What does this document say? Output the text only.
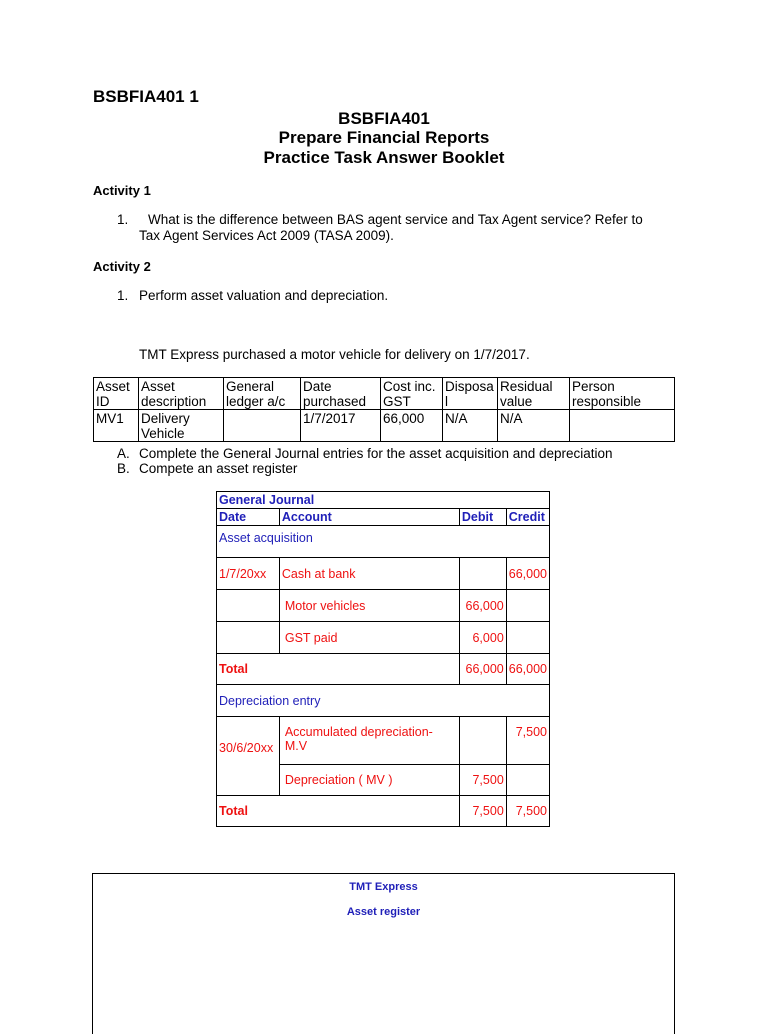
BSBFIA401 1
BSBFIA401
Prepare Financial Reports
Practice Task Answer Booklet
Activity 1
1.	What is the difference between BAS agent service and Tax Agent service? Refer to
Tax Agent Services Act 2009 (TASA 2009).
Activity 2
1. Perform asset valuation and depreciation.
TMT Express purchased a motor vehicle for delivery on 1/7/2017.
Asset ID	Asset description	General ledger a/c	Date purchased	Cost inc. GST	Disposal	Residual value	Person responsible
MV1	Delivery Vehicle		1/7/2017	66,000	N/A	N/A	
A. Complete the General Journal entries for the asset acquisition and depreciation
B. Compete an asset register
General Journal			
Date	Account	Debit	Credit
Asset acquisition			
1/7/20xx	Cash at bank		66,000
	Motor vehicles	66,000	
	GST paid	6,000	
Total		66,000	66,000
Depreciation entry			
30/6/20xx	Accumulated depreciation- M.V		7,500
	Depreciation ( MV )	7,500	
Total		7,500	7,500
TMT Express
Asset register
